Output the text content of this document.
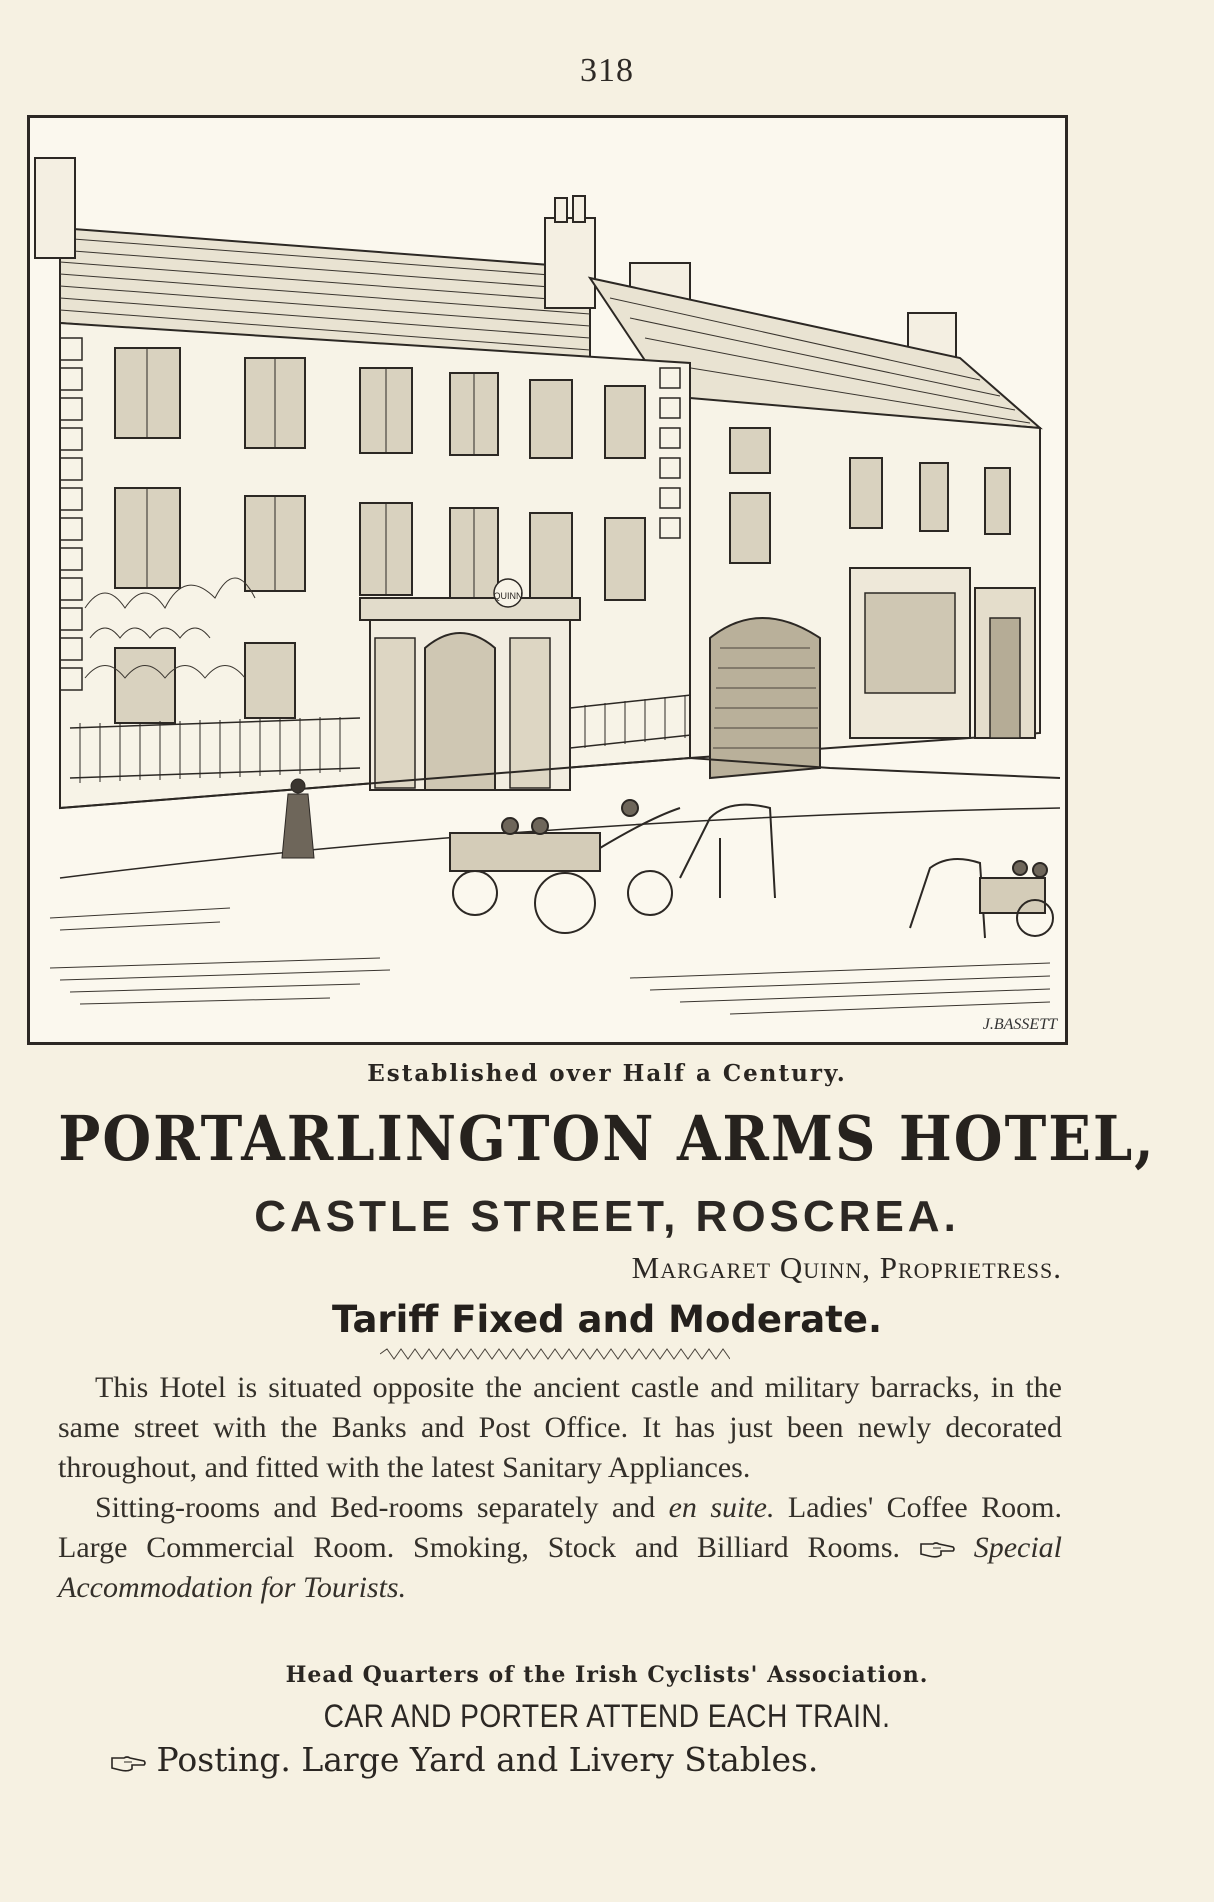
318
QUINN
J.BASSETT
Established over Half a Century.
PORTARLINGTON ARMS HOTEL,
CASTLE STREET, ROSCREA.
Margaret Quinn, Proprietress.
Tariff Fixed and Moderate.

This Hotel is situated opposite the ancient castle and military barracks, in the same street with the Banks and Post Office. It has just been newly decorated throughout, and fitted with the latest Sanitary Appliances.

Sitting-rooms and Bed-rooms separately and en suite. Ladies' Coffee Room. Large Commercial Room. Smoking, Stock and Billiard Rooms.  Special Accommodation for Tourists.

Head Quarters of the Irish Cyclists' Association.
CAR AND PORTER ATTEND EACH TRAIN.
Posting. Large Yard and Livery Stables.
